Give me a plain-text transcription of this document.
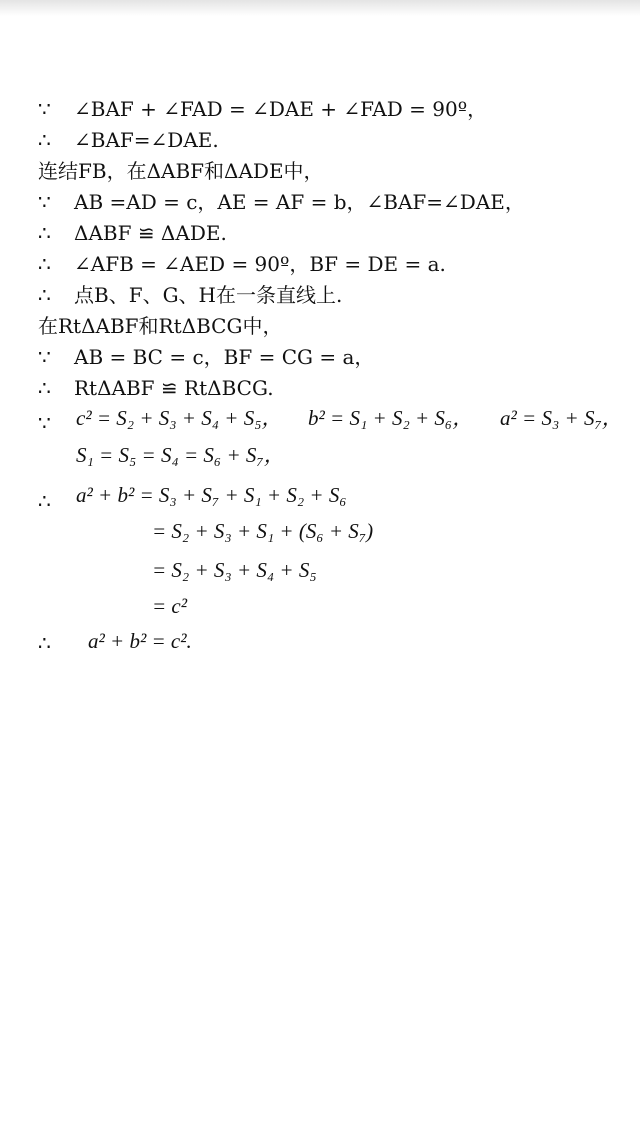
∵ ∠BAF + ∠FAD = ∠DAE + ∠FAD = 90º，
∴ ∠BAF=∠DAE.
连结FB，在ΔABF和ΔADE中，
∵ AB =AD = c，AE = AF = b，∠BAF=∠DAE，
∴ ΔABF ≌ ΔADE.
∴ ∠AFB = ∠AED = 90º，BF = DE = a.
∴ 点B、F、G、H在一条直线上.
在RtΔABF和RtΔBCG中，
∵ AB = BC = c，BF = CG = a，
∴ RtΔABF ≌ RtΔBCG.
∵ c² = S₂ + S₃ + S₄ + S₅， b² = S₁ + S₂ + S₆， a² = S₃ + S₇，
S₁ = S₅ = S₄ = S₆ + S₇，
∴ a² + b² = S₃ + S₇ + S₁ + S₂ + S₆
= S₂ + S₃ + S₁ + (S₆ + S₇)
= S₂ + S₃ + S₄ + S₅
= c²
∴ a² + b² = c².
